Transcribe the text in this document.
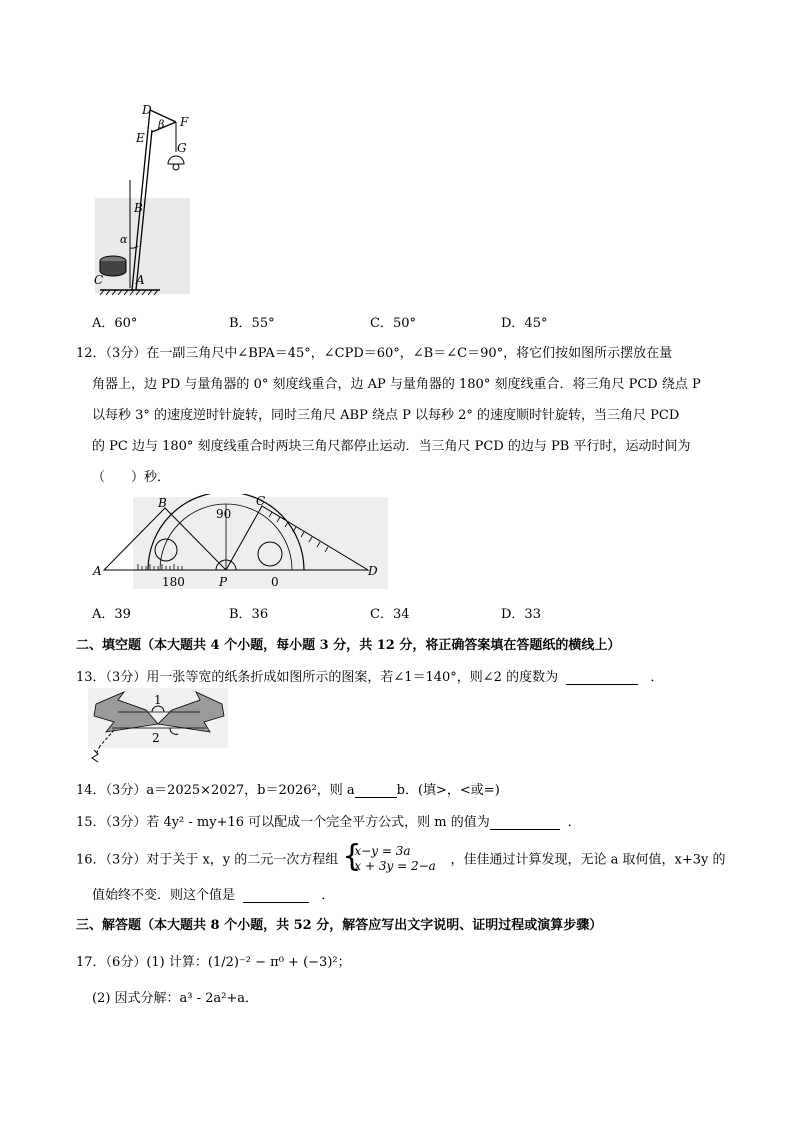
D
F
E
β
G
B
α
C	A
A．60°	B．55°	C．50°	D．45°
12．（3分）在一副三角尺中∠BPA＝45°，∠CPD＝60°，∠B＝∠C＝90°，将它们按如图所示摆放在量
角器上，边 PD 与量角器的 0° 刻度线重合，边 AP 与量角器的 180° 刻度线重合．将三角尺 PCD 绕点 P
以每秒 3° 的速度逆时针旋转，同时三角尺 ABP 绕点 P 以每秒 2° 的速度顺时针旋转，当三角尺 PCD
的 PC 边与 180° 刻度线重合时两块三角尺都停止运动．当三角尺 PCD 的边与 PB 平行时，运动时间为
（　　）秒．
B	C
90
A
180	P	0
D
A．39	B．36	C．34	D．33
二、填空题（本大题共 4 个小题，每小题 3 分，共 12 分，将正确答案填在答题纸的横线上）
13．（3分）用一张等宽的纸条折成如图所示的图案，若∠1＝140°，则∠2 的度数为	．
1
2
14．（3分）a＝2025×2027，b＝2026²，则 a	b．(填>，<或=)
15．（3分）若 4y² - my+16 可以配成一个完全平方公式，则 m 的值为	．
16．（3分）对于关于 x，y 的二元一次方程组 {
x−y = 3a
x + 3y = 2−a ，佳佳通过计算发现，无论 a 取何值，x+3y 的
值始终不变．则这个值是	．
三、解答题（本大题共 8 个小题，共 52 分，解答应写出文字说明、证明过程或演算步骤）
17．（6分）(1) 计算：(1/2)⁻² − π⁰ + (−3)²；
(2) 因式分解：a³ - 2a²+a．
